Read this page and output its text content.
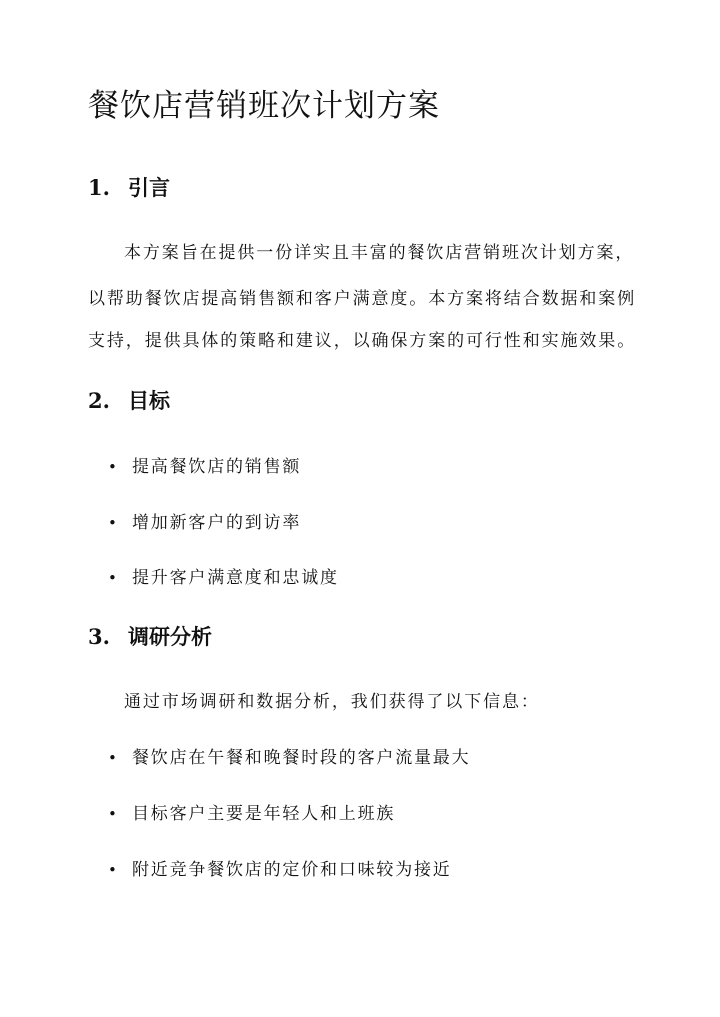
餐饮店营销班次计划方案
1. 引言

本方案旨在提供一份详实且丰富的餐饮店营销班次计划方案，

以帮助餐饮店提高销售额和客户满意度。本方案将结合数据和案例

支持，提供具体的策略和建议，以确保方案的可行性和实施效果。

2. 目标

• 提高餐饮店的销售额

• 增加新客户的到访率

• 提升客户满意度和忠诚度

3. 调研分析

通过市场调研和数据分析，我们获得了以下信息：

• 餐饮店在午餐和晚餐时段的客户流量最大

• 目标客户主要是年轻人和上班族

• 附近竞争餐饮店的定价和口味较为接近
